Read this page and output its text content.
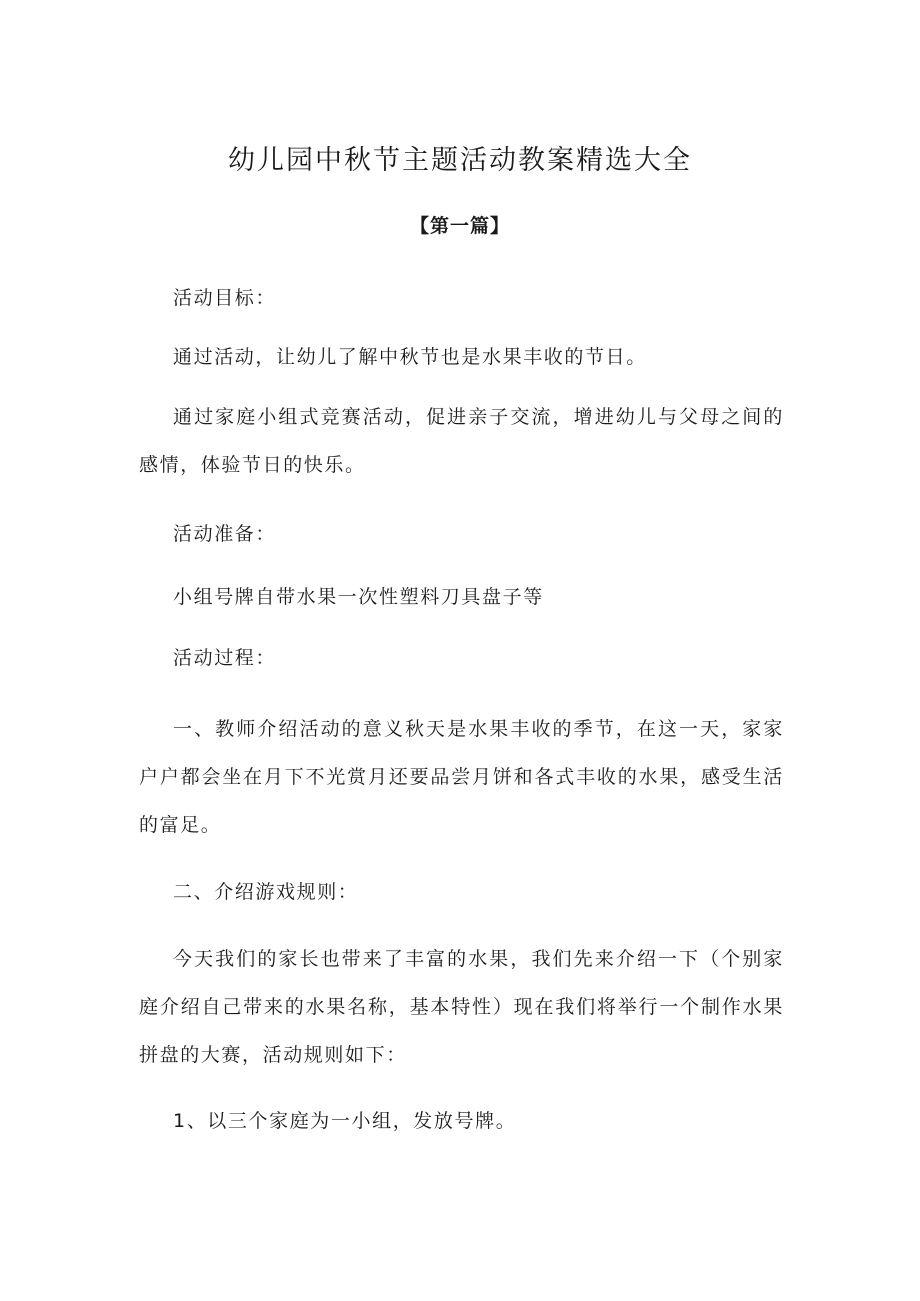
幼儿园中秋节主题活动教案精选大全
【第一篇】

活动目标：

通过活动，让幼儿了解中秋节也是水果丰收的节日。

通过家庭小组式竞赛活动，促进亲子交流，增进幼儿与父母之间的感情，体验节日的快乐。

活动准备：

小组号牌自带水果一次性塑料刀具盘子等

活动过程：

一、教师介绍活动的意义秋天是水果丰收的季节，在这一天，家家户户都会坐在月下不光赏月还要品尝月饼和各式丰收的水果，感受生活的富足。

二、介绍游戏规则：

今天我们的家长也带来了丰富的水果，我们先来介绍一下（个别家庭介绍自己带来的水果名称，基本特性）现在我们将举行一个制作水果拼盘的大赛，活动规则如下：

1、以三个家庭为一小组，发放号牌。
